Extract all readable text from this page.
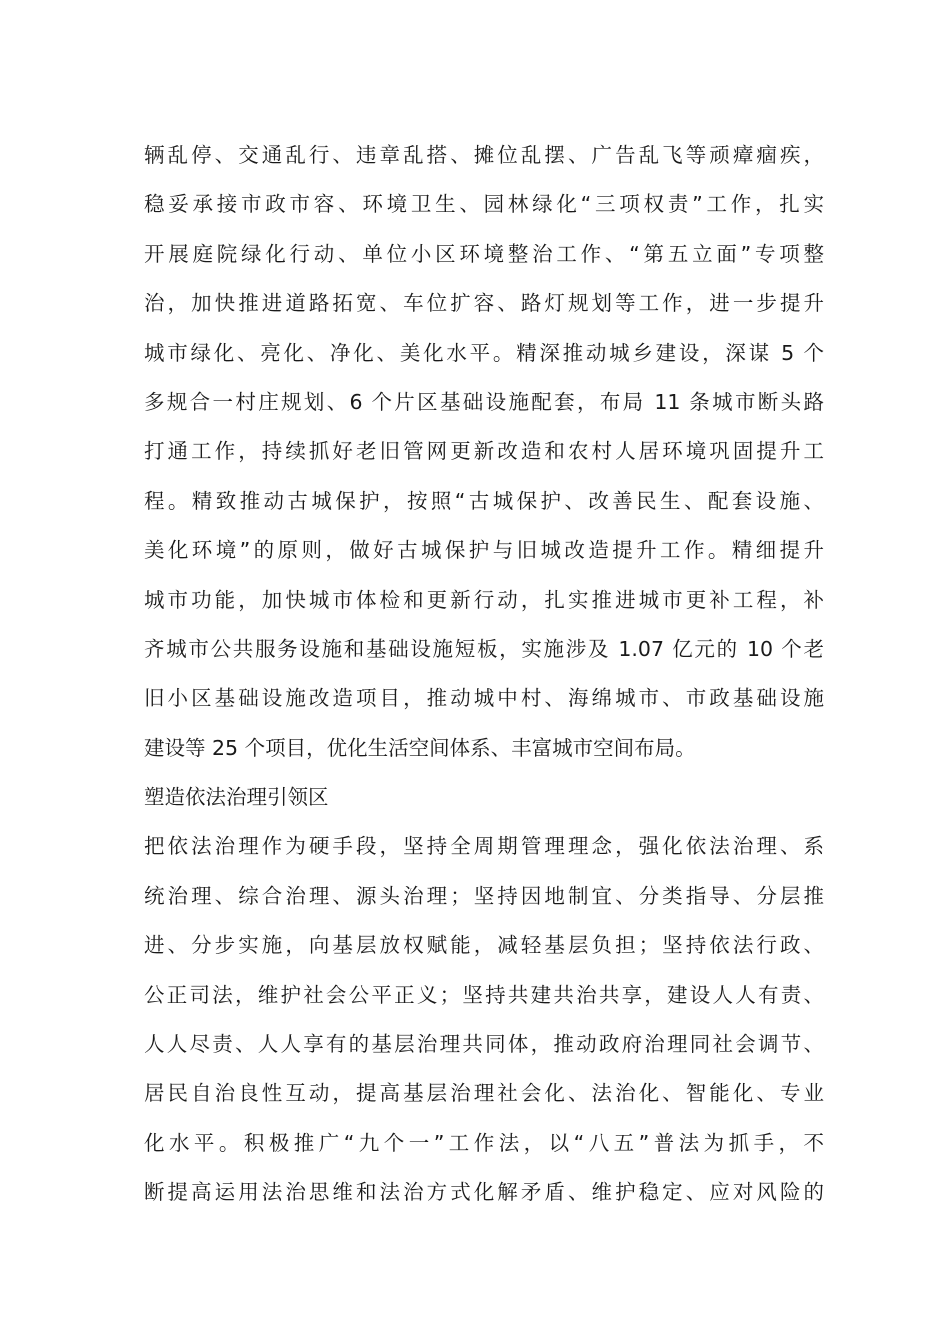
辆乱停、交通乱行、违章乱搭、摊位乱摆、广告乱飞等顽瘴痼疾，
稳妥承接市政市容、环境卫生、园林绿化“三项权责”工作，扎实
开展庭院绿化行动、单位小区环境整治工作、“第五立面”专项整
治，加快推进道路拓宽、车位扩容、路灯规划等工作，进一步提升
城市绿化、亮化、净化、美化水平。精深推动城乡建设，深谋 5 个
多规合一村庄规划、6 个片区基础设施配套，布局 11 条城市断头路
打通工作，持续抓好老旧管网更新改造和农村人居环境巩固提升工
程。精致推动古城保护，按照“古城保护、改善民生、配套设施、
美化环境”的原则，做好古城保护与旧城改造提升工作。精细提升
城市功能，加快城市体检和更新行动，扎实推进城市更补工程，补
齐城市公共服务设施和基础设施短板，实施涉及 1.07 亿元的 10 个老
旧小区基础设施改造项目，推动城中村、海绵城市、市政基础设施
建设等 25 个项目，优化生活空间体系、丰富城市空间布局。
塑造依法治理引领区
把依法治理作为硬手段，坚持全周期管理理念，强化依法治理、系
统治理、综合治理、源头治理；坚持因地制宜、分类指导、分层推
进、分步实施，向基层放权赋能，减轻基层负担；坚持依法行政、
公正司法，维护社会公平正义；坚持共建共治共享，建设人人有责、
人人尽责、人人享有的基层治理共同体，推动政府治理同社会调节、
居民自治良性互动，提高基层治理社会化、法治化、智能化、专业
化水平。积极推广“九个一”工作法，以“八五”普法为抓手，不
断提高运用法治思维和法治方式化解矛盾、维护稳定、应对风险的
